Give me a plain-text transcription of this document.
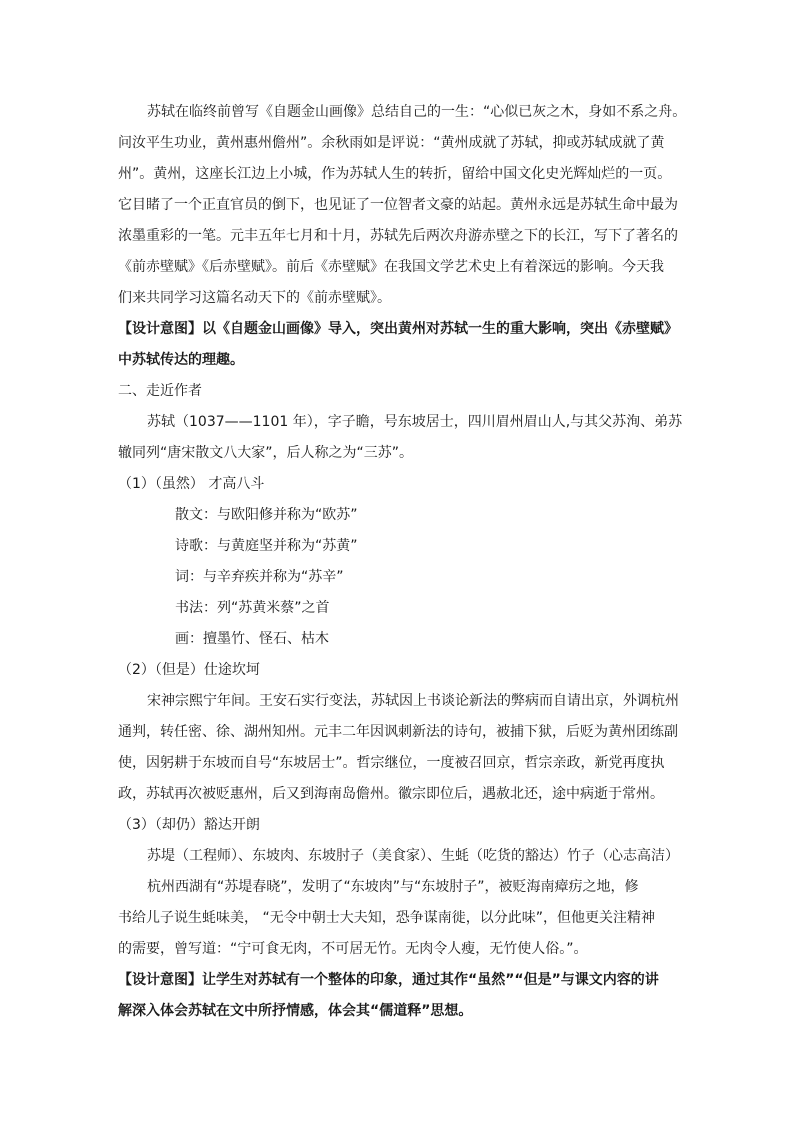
苏轼在临终前曾写《自题金山画像》总结自己的一生：“心似已灰之木，身如不系之舟。
问汝平生功业，黄州惠州儋州”。余秋雨如是评说：“黄州成就了苏轼，抑或苏轼成就了黄
州”。黄州，这座长江边上小城，作为苏轼人生的转折，留给中国文化史光辉灿烂的一页。
它目睹了一个正直官员的倒下，也见证了一位智者文豪的站起。黄州永远是苏轼生命中最为
浓墨重彩的一笔。元丰五年七月和十月，苏轼先后两次舟游赤壁之下的长江，写下了著名的
《前赤壁赋》《后赤壁赋》。前后《赤壁赋》在我国文学艺术史上有着深远的影响。今天我
们来共同学习这篇名动天下的《前赤壁赋》。
【设计意图】以《自题金山画像》导入，突出黄州对苏轼一生的重大影响，突出《赤壁赋》
中苏轼传达的理趣。
二、走近作者
苏轼（1037——1101 年），字子瞻，号东坡居士，四川眉州眉山人,与其父苏洵、弟苏
辙同列“唐宋散文八大家”，后人称之为“三苏”。
（1）（虽然） 才高八斗
散文：与欧阳修并称为“欧苏”
诗歌：与黄庭坚并称为“苏黄”
词：与辛弃疾并称为“苏辛”
书法：列“苏黄米蔡”之首
画：擅墨竹、怪石、枯木
（2）（但是）仕途坎坷
宋神宗熙宁年间。王安石实行变法，苏轼因上书谈论新法的弊病而自请出京，外调杭州
通判，转任密、徐、湖州知州。元丰二年因讽刺新法的诗句，被捕下狱，后贬为黄州团练副
使，因躬耕于东坡而自号“东坡居士”。哲宗继位，一度被召回京，哲宗亲政，新党再度执
政，苏轼再次被贬惠州，后又到海南岛儋州。徽宗即位后，遇赦北还，途中病逝于常州。
（3）（却仍）豁达开朗
苏堤（工程师）、东坡肉、东坡肘子（美食家）、生蚝（吃货的豁达）竹子（心志高洁）
杭州西湖有“苏堤春晓”，发明了“东坡肉”与“东坡肘子”，被贬海南瘴疠之地，修
书给儿子说生蚝味美， “无令中朝士大夫知，恐争谋南徙，以分此味”，但他更关注精神
的需要，曾写道：“宁可食无肉，不可居无竹。无肉令人瘦，无竹使人俗。”。
【设计意图】让学生对苏轼有一个整体的印象，通过其作“虽然”“但是”与课文内容的讲
解深入体会苏轼在文中所抒情感，体会其“儒道释”思想。
